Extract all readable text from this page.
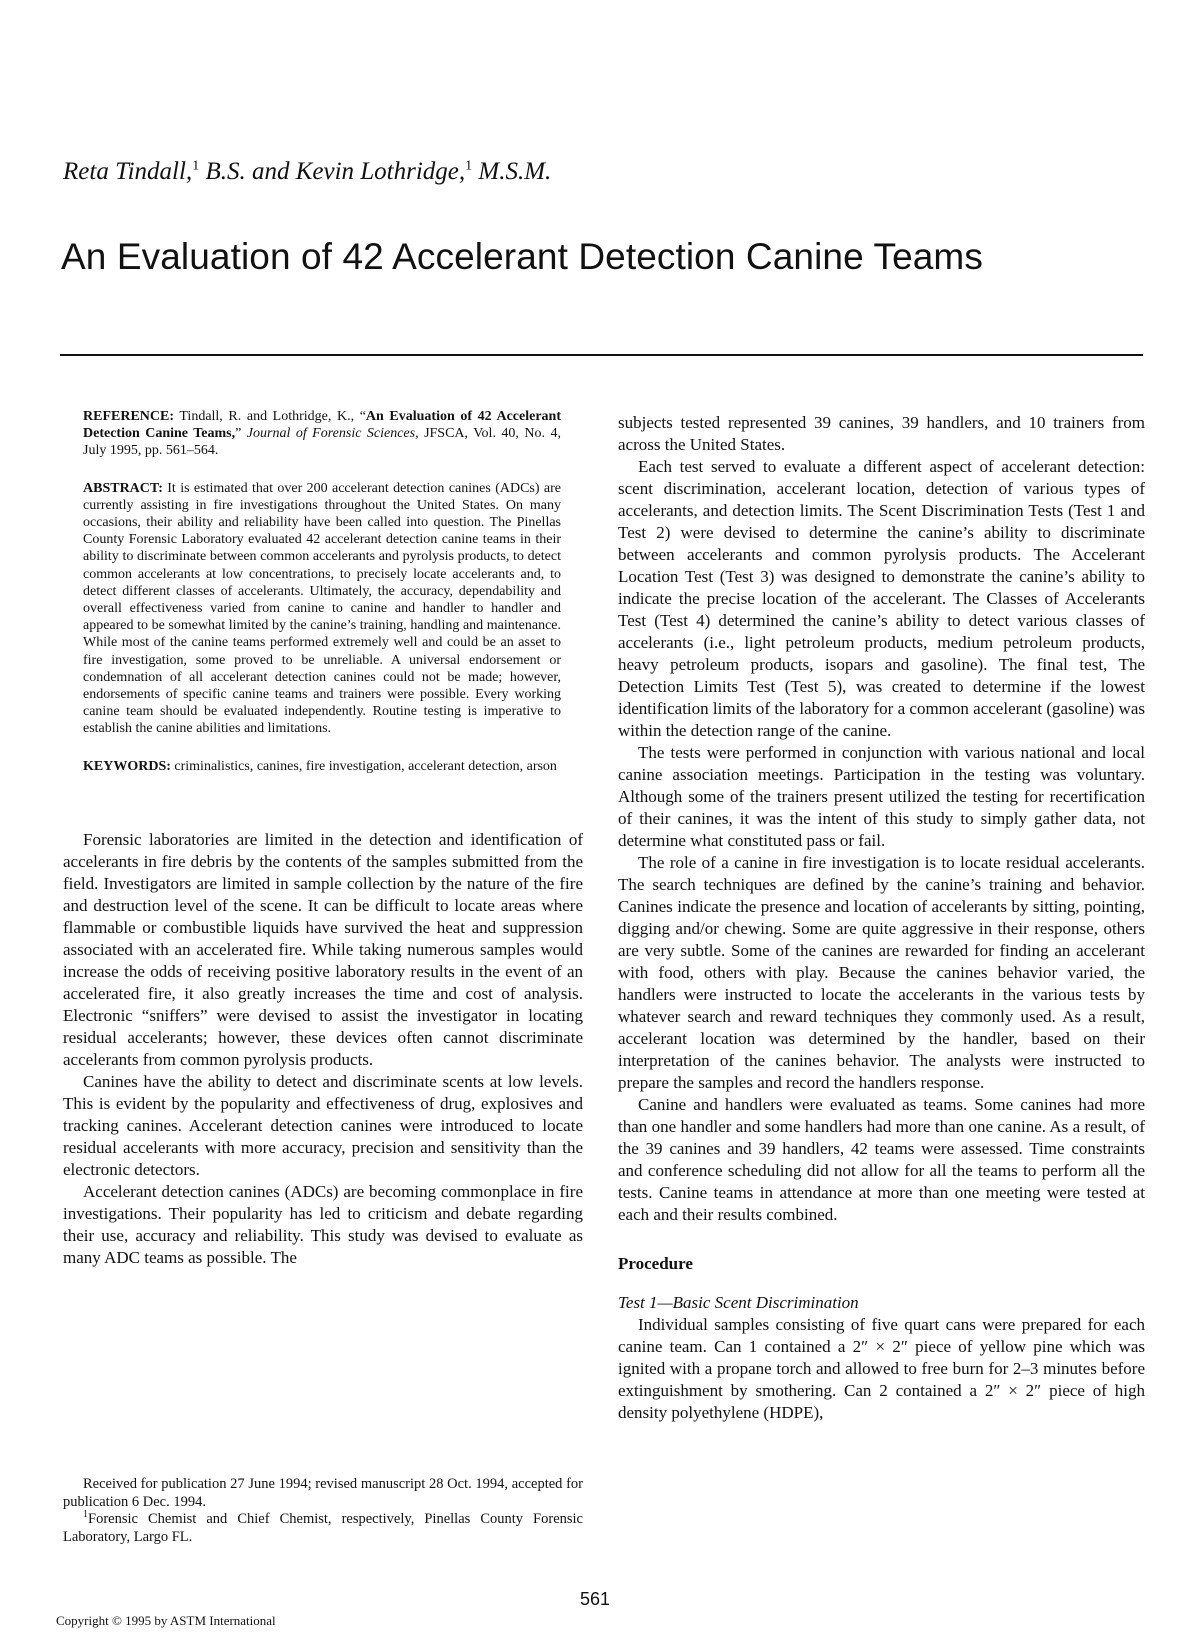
Reta Tindall,$^1$ B.S. and Kevin Lothridge,$^1$ M.S.M.
An Evaluation of 42 Accelerant Detection Canine Teams

REFERENCE: Tindall, R. and Lothridge, K., “An Evaluation of 42 Accelerant Detection Canine Teams,” Journal of Forensic Sciences, JFSCA, Vol. 40, No. 4, July 1995, pp. 561–564.

ABSTRACT: It is estimated that over 200 accelerant detection canines (ADCs) are currently assisting in fire investigations throughout the United States. On many occasions, their ability and reliability have been called into question. The Pinellas County Forensic Laboratory evaluated 42 accelerant detection canine teams in their ability to discriminate between common accelerants and pyrolysis products, to detect common accelerants at low concentrations, to precisely locate accelerants and, to detect different classes of accelerants. Ultimately, the accuracy, dependability and overall effectiveness varied from canine to canine and handler to handler and appeared to be somewhat limited by the canine’s training, handling and maintenance. While most of the canine teams performed extremely well and could be an asset to fire investigation, some proved to be unreliable. A universal endorsement or condemnation of all accelerant detection canines could not be made; however, endorsements of specific canine teams and trainers were possible. Every working canine team should be evaluated independently. Routine testing is imperative to establish the canine abilities and limitations.

KEYWORDS: criminalistics, canines, fire investigation, accelerant detection, arson

Forensic laboratories are limited in the detection and identification of accelerants in fire debris by the contents of the samples submitted from the field. Investigators are limited in sample collection by the nature of the fire and destruction level of the scene. It can be difficult to locate areas where flammable or combustible liquids have survived the heat and suppression associated with an accelerated fire. While taking numerous samples would increase the odds of receiving positive laboratory results in the event of an accelerated fire, it also greatly increases the time and cost of analysis. Electronic “sniffers” were devised to assist the investigator in locating residual accelerants; however, these devices often cannot discriminate accelerants from common pyrolysis products.

Canines have the ability to detect and discriminate scents at low levels. This is evident by the popularity and effectiveness of drug, explosives and tracking canines. Accelerant detection canines were introduced to locate residual accelerants with more accuracy, precision and sensitivity than the electronic detectors.

Accelerant detection canines (ADCs) are becoming commonplace in fire investigations. Their popularity has led to criticism and debate regarding their use, accuracy and reliability. This study was devised to evaluate as many ADC teams as possible. The

Received for publication 27 June 1994; revised manuscript 28 Oct. 1994, accepted for publication 6 Dec. 1994.

$^1$Forensic Chemist and Chief Chemist, respectively, Pinellas County Forensic Laboratory, Largo FL.

subjects tested represented 39 canines, 39 handlers, and 10 trainers from across the United States.

Each test served to evaluate a different aspect of accelerant detection: scent discrimination, accelerant location, detection of various types of accelerants, and detection limits. The Scent Discrimination Tests (Test 1 and Test 2) were devised to determine the canine’s ability to discriminate between accelerants and common pyrolysis products. The Accelerant Location Test (Test 3) was designed to demonstrate the canine’s ability to indicate the precise location of the accelerant. The Classes of Accelerants Test (Test 4) determined the canine’s ability to detect various classes of accelerants (i.e., light petroleum products, medium petroleum products, heavy petroleum products, isopars and gasoline). The final test, The Detection Limits Test (Test 5), was created to determine if the lowest identification limits of the laboratory for a common accelerant (gasoline) was within the detection range of the canine.

The tests were performed in conjunction with various national and local canine association meetings. Participation in the testing was voluntary. Although some of the trainers present utilized the testing for recertification of their canines, it was the intent of this study to simply gather data, not determine what constituted pass or fail.

The role of a canine in fire investigation is to locate residual accelerants. The search techniques are defined by the canine’s training and behavior. Canines indicate the presence and location of accelerants by sitting, pointing, digging and/or chewing. Some are quite aggressive in their response, others are very subtle. Some of the canines are rewarded for finding an accelerant with food, others with play. Because the canines behavior varied, the handlers were instructed to locate the accelerants in the various tests by whatever search and reward techniques they commonly used. As a result, accelerant location was determined by the handler, based on their interpretation of the canines behavior. The analysts were instructed to prepare the samples and record the handlers response.

Canine and handlers were evaluated as teams. Some canines had more than one handler and some handlers had more than one canine. As a result, of the 39 canines and 39 handlers, 42 teams were assessed. Time constraints and conference scheduling did not allow for all the teams to perform all the tests. Canine teams in attendance at more than one meeting were tested at each and their results combined.

Procedure
Test 1—Basic Scent Discrimination

Individual samples consisting of five quart cans were prepared for each canine team. Can 1 contained a 2″ × 2″ piece of yellow pine which was ignited with a propane torch and allowed to free burn for 2–3 minutes before extinguishment by smothering. Can 2 contained a 2″ × 2″ piece of high density polyethylene (HDPE),

561
Copyright © 1995 by ASTM International
